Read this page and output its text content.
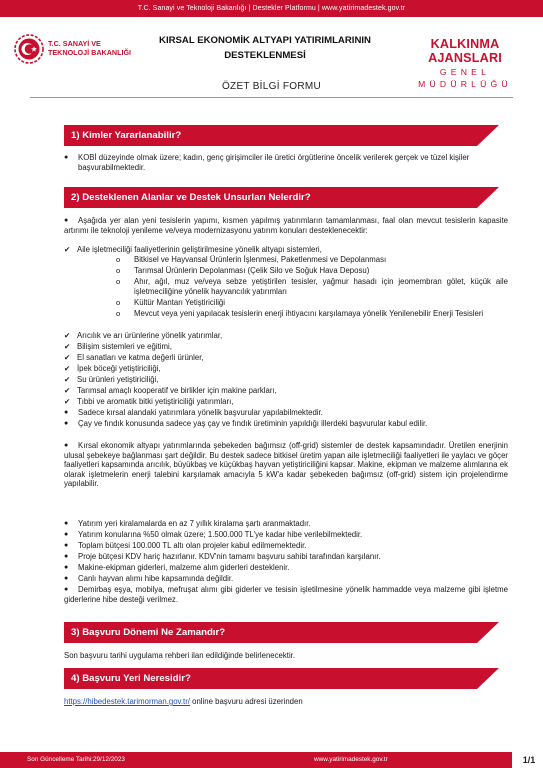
T.C. Sanayi ve Teknoloji Bakanlığı | Destekler Platformu | www.yatirimadestek.gov.tr
T.C. SANAYİ VE
TEKNOLOJİ BAKANLIĞI
KIRSAL EKONOMİK ALTYAPI YATIRIMLARININ
DESTEKLENMESİ
KALKINMA AJANSLARI
GENEL MÜDÜRLÜĞÜ
ÖZET BİLGİ FORMU
1) Kimler Yararlanabilir?
● KOBİ düzeyinde olmak üzere; kadın, genç girişimciler ile üretici örgütlerine öncelik verilerek gerçek ve tüzel kişiler başvurabilmektedir.
2) Desteklenen Alanlar ve Destek Unsurları Nelerdir?
●	Aşağıda yer alan yeni tesislerin yapımı, kısmen yapılmış yatırımların tamamlanması, faal olan mevcut tesislerin kapasite artırımı ile teknoloji yenileme ve/veya modernizasyonu yatırım konuları desteklenecektir:
✔ Aile işletmeciliği faaliyetlerinin geliştirilmesine yönelik altyapı sistemleri,
o Bitkisel ve Hayvansal Ürünlerin İşlenmesi, Paketlenmesi ve Depolanması
o Tarımsal Ürünlerin Depolanması (Çelik Silo ve Soğuk Hava Deposu)
o Ahır, ağıl, muz ve/veya sebze yetiştirilen tesisler, yağmur hasadı için jeomembran gölet, küçük aile işletmeciliğine yönelik hayvancılık yatırımları
o Kültür Mantarı Yetiştiriciliği
o Mevcut veya yeni yapılacak tesislerin enerji ihtiyacını karşılamaya yönelik Yenilenebilir Enerji Tesisleri
✔ Arıcılık ve arı ürünlerine yönelik yatırımlar,
✔ Bilişim sistemleri ve eğitimi,
✔ El sanatları ve katma değerli ürünler,
✔ İpek böceği yetiştiriciliği,
✔ Su ürünleri yetiştiriciliği,
✔ Tarımsal amaçlı kooperatif ve birlikler için makine parkları,
✔ Tıbbi ve aromatik bitki yetiştiriciliği yatırımları,
● Sadece kırsal alandaki yatırımlara yönelik başvurular yapılabilmektedir.
●	Çay ve fındık konusunda sadece yaş çay ve fındık üretiminin yapıldığı illerdeki başvurular kabul edilir.
●	Kırsal ekonomik altyapı yatırımlarında şebekeden bağımsız (off-grid) sistemler de destek kapsamındadır. Üretilen enerjinin ulusal şebekeye bağlanması şart değildir. Bu destek sadece bitkisel üretim yapan aile işletmeciliği faaliyetleri ile yaylacı ve göçer faaliyetleri kapsamında arıcılık, büyükbaş ve küçükbaş hayvan yetiştiriciliğini kapsar. Makine, ekipman ve malzeme alımlarına ek olarak işletmelerin enerji talebini karşılamak amacıyla 5 kW'a kadar şebekeden bağımsız (off-grid) sistem için projelendirme yapılabilir.
● Yatırım yeri kiralamalarda en az 7 yıllık kiralama şartı aranmaktadır.
● Yatırım konularına %50 olmak üzere; 1.500.000 TL'ye kadar hibe verilebilmektedir.
● Toplam bütçesi 100.000 TL altı olan projeler kabul edilmemektedir.
● Proje bütçesi KDV hariç hazırlanır. KDV'nin tamamı başvuru sahibi tarafından karşılanır.
● Makine-ekipman giderleri, malzeme alım giderleri desteklenir.
● Canlı hayvan alımı hibe kapsamında değildir.
●	Demirbaş eşya, mobilya, mefruşat alımı gibi giderler ve tesisin işletilmesine yönelik hammadde veya malzeme gibi işletme giderlerine hibe desteği verilmez.
3) Başvuru Dönemi Ne Zamandır?
Son başvuru tarihi uygulama rehberi ilan edildiğinde belirlenecektir.
4) Başvuru Yeri Neresidir?
https://hibedestek.tarimorman.gov.tr/ online başvuru adresi üzerinden
Son Güncelleme Tarihi:29/12/2023	www.yatirimadestek.gov.tr	1/1
